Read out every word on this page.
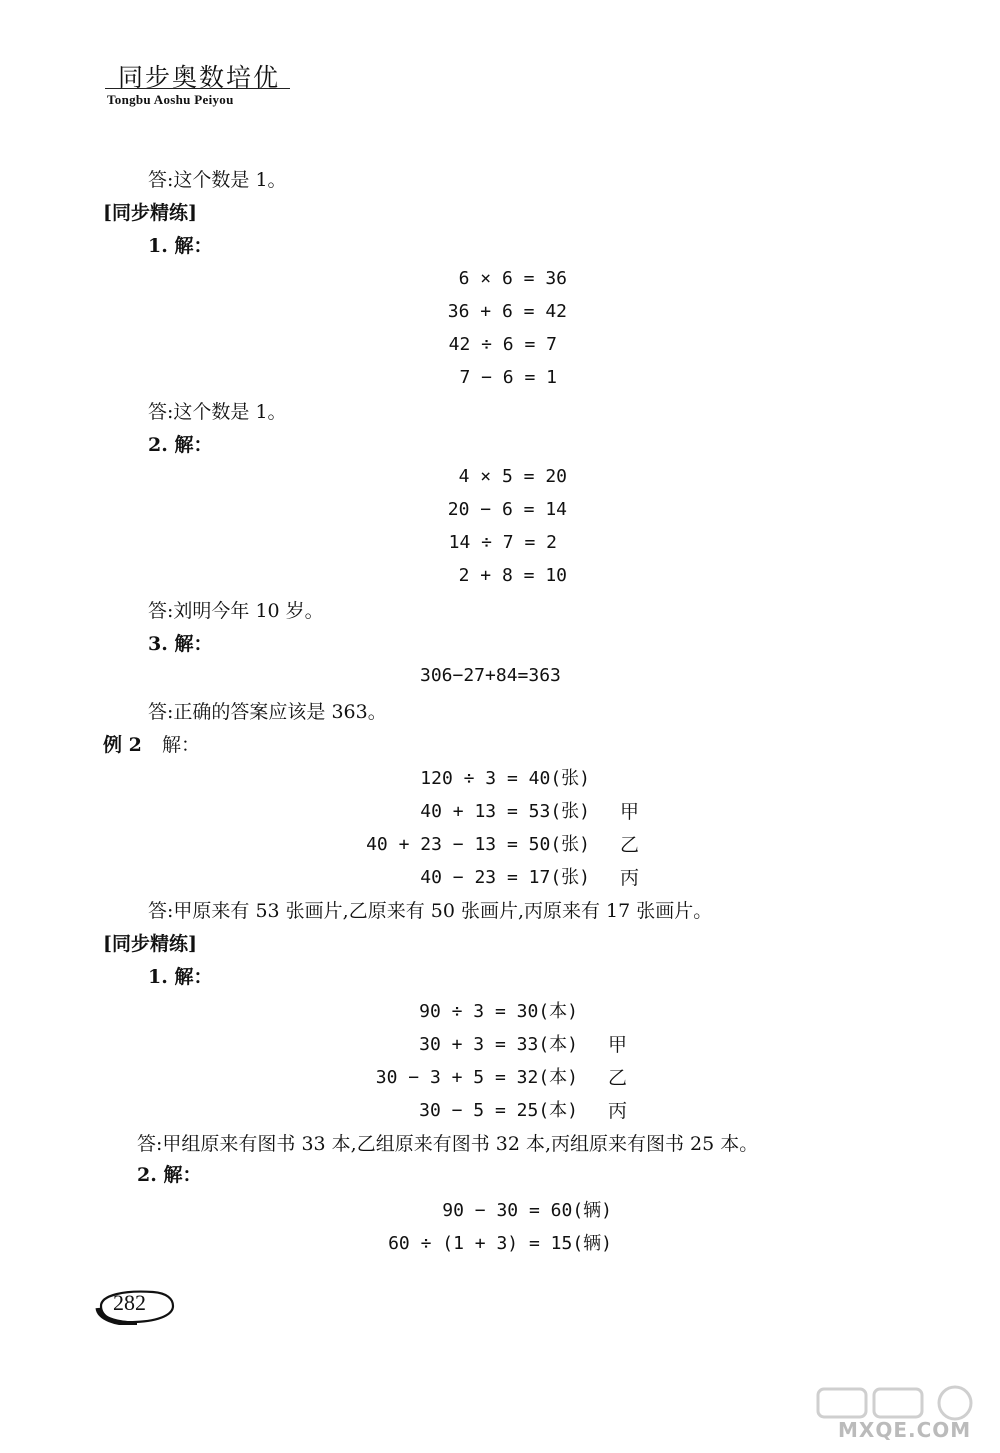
同步奥数培优
Tongbu Aoshu Peiyou
答:这个数是 1。
[同步精练]
1. 解：
6 × 6 = 36
36 + 6 = 42
42 ÷ 6 = 7
7 − 6 = 1
答:这个数是 1。
2. 解：
4 × 5 = 20
20 − 6 = 14
14 ÷ 7 = 2
2 + 8 = 10
答:刘明今年 10 岁。
3. 解：
306−27+84=363
答:正确的答案应该是 363。
例 2 解：
120 ÷ 3 = 40(张)
40 + 13 = 53(张) 甲
40 + 23 − 13 = 50(张) 乙
40 − 23 = 17(张) 丙
答:甲原来有 53 张画片,乙原来有 50 张画片,丙原来有 17 张画片。
[同步精练]
1. 解：
90 ÷ 3 = 30(本)
30 + 3 = 33(本) 甲
30 − 3 + 5 = 32(本) 乙
30 − 5 = 25(本) 丙
答:甲组原来有图书 33 本,乙组原来有图书 32 本,丙组原来有图书 25 本。
2. 解：
90 − 30 = 60(辆)
60 ÷ (1 + 3) = 15(辆)
282
MXQE.COM
